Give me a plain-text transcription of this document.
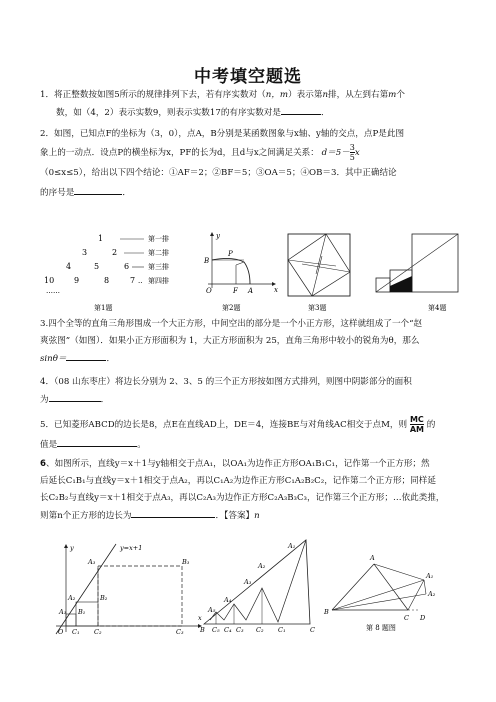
中考填空题选
1．将正整数按如图5所示的规律排列下去，若有序实数对（n，m）表示第n排，从左到右第m个
数，如（4，2）表示实数9，则表示实数17的有序实数对是	．
2．如图，已知点F的坐标为（3，0），点A，B分别是某函数图象与x轴、y轴的交点，点P是此图
象上的一动点．设点P的横坐标为x，PF的长为d，且d与x之间满足关系： $d=5- \frac{3}{5}$ x
（0≤x≤5），给出以下四个结论：①AF＝2；②BF＝5；③OA＝5；④OB＝3．其中正确结论
的序号是	．
1	第一排
3	2	第二排
4	5	6	第三排
10 9	8	7 .. 第四排
……
第1题
y
x
O	F A
B
P
第2题	第3题	第4题
3.四个全等的直角三角形围成一个大正方形，中间空出的部分是一个小正方形，这样就组成了一个“赵
爽弦图”（如图）．如果小正方形面积为 1，大正方形面积为 25，直角三角形中较小的锐角为θ，那么
sinθ＝	．
4．（08 山东枣庄）将边长分别为 2、3、5 的三个正方形按如图方式排列，则图中阴影部分的面积
为	．
5．已知菱形ABCD的边长是8，点E在直线AD上，DE＝4，连接BE与对角线AC相交于点M，则 $\frac{MC}{AM}$ 的
值是	。
6、如图所示，直线y＝x＋1与y轴相交于点A₁，以OA₁为边作正方形OA₁B₁C₁，记作第一个正方形；然
后延长C₁B₁与直线y＝x＋1相交于点A₂，再以C₁A₂为边作正方形C₁A₂B₂C₂，记作第二个正方形；同样延
长C₂B₂与直线y＝x＋1相交于点A₃，再以C₂A₃为边作正方形C₂A₃B₃C₃，记作第三个正方形；…依此类推，
则第n个正方形的边长为	．【答案】n
y=x+1
y
x
O
A₁
A₂
A₃
B₁
B₂
B₃
C₁ C₂	C₃	B	C
A₅
A₄
A₃
A₂
A₁
C₅ C₄ C₃ C₂ C₁
A
A₁
A₂
B
C D
第 8 题图
